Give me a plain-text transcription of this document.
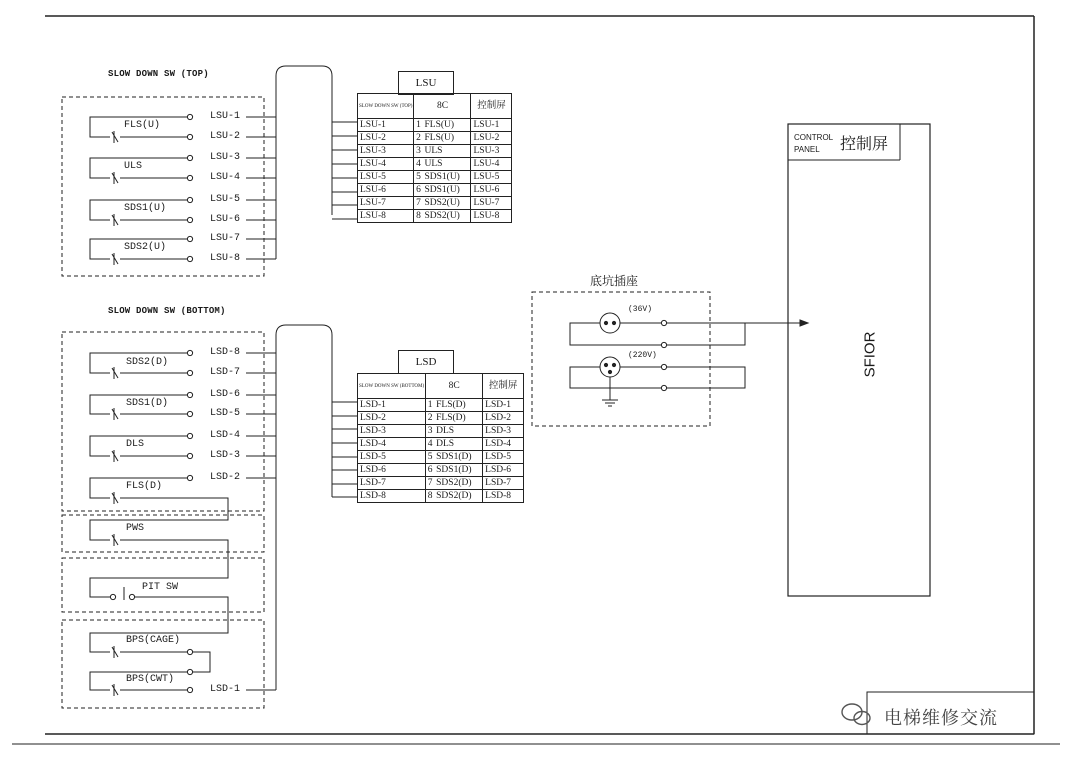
SLOW DOWN SW (TOP)
FLS(U)
ULS
SDS1(U)
SDS2(U)
LSU-1
LSU-2
LSU-3
LSU-4
LSU-5
LSU-6
LSU-7
LSU-8
LSU
SLOW DOWN SW (TOP)	8C		控制屏
LSU-1	1	FLS(U)	LSU-1
LSU-2	2	FLS(U)	LSU-2
LSU-3	3	ULS	LSU-3
LSU-4	4	ULS	LSU-4
LSU-5	5	SDS1(U)	LSU-5
LSU-6	6	SDS1(U)	LSU-6
LSU-7	7	SDS2(U)	LSU-7
LSU-8	8	SDS2(U)	LSU-8
SLOW DOWN SW (BOTTOM)
SDS2(D)
SDS1(D)
DLS
FLS(D)
PWS
PIT SW
BPS(CAGE)
BPS(CWT)
LSD-8
LSD-7
LSD-6
LSD-5
LSD-4
LSD-3
LSD-2
LSD-1
LSD
SLOW DOWN SW (BOTTOM)	8C		控制屏
LSD-1	1	FLS(D)	LSD-1
LSD-2	2	FLS(D)	LSD-2
LSD-3	3	DLS	LSD-3
LSD-4	4	DLS	LSD-4
LSD-5	5	SDS1(D)	LSD-5
LSD-6	6	SDS1(D)	LSD-6
LSD-7	7	SDS2(D)	LSD-7
LSD-8	8	SDS2(D)	LSD-8
底坑插座
(36V)
(220V)
CONTROL
PANEL 控制屏
SFIOR
电梯维修交流
